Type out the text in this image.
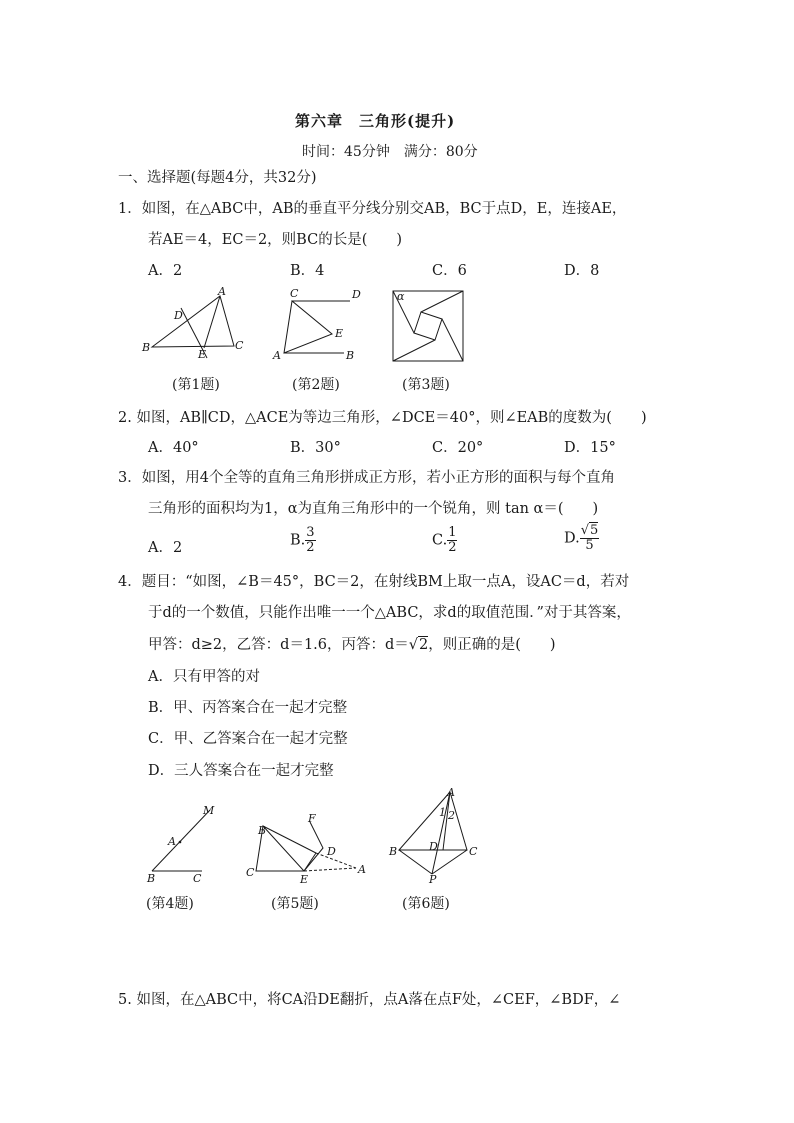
第六章　三角形(提升)
时间：45分钟　满分：80分
一、选择题(每题4分，共32分)
1．如图，在△ABC中，AB的垂直平分线分别交AB，BC于点D，E，连接AE，
若AE＝4，EC＝2，则BC的长是(　　)
A．2	B．4	C．6	D．8
A
B	C
D
E
C	D
E
A	B
α
(第1题)	(第2题)	(第3题)
2. 如图，AB∥CD，△ACE为等边三角形，∠DCE＝40°，则∠EAB的度数为(　　)
A．40°	B．30°	C．20°	D．15°
3．如图，用4个全等的直角三角形拼成正方形，若小正方形的面积与每个直角
三角形的面积均为1，α为直角三角形中的一个锐角，则 tan α＝(　　)
A．2	B. $\frac{3}{2}$	C. $\frac{1}{2}$	D. $\frac{√5}{5}$
4．题目：“如图，∠B＝45°，BC＝2，在射线BM上取一点A，设AC＝d，若对
于d的一个数值，只能作出唯一一个△ABC，求d的取值范围．”对于其答案，
甲答：d≥2，乙答：d＝1.6，丙答：d＝√2，则正确的是(　　)
A．只有甲答的对
B．甲、丙答案合在一起才完整
C．甲、乙答案合在一起才完整
D．三人答案合在一起才完整
M
A
B	C
B
F
D
C
E
A
A
1 2
B	D	C
P
(第4题)	(第5题)	(第6题)
5. 如图，在△ABC中，将CA沿DE翻折，点A落在点F处，∠CEF，∠BDF，∠
